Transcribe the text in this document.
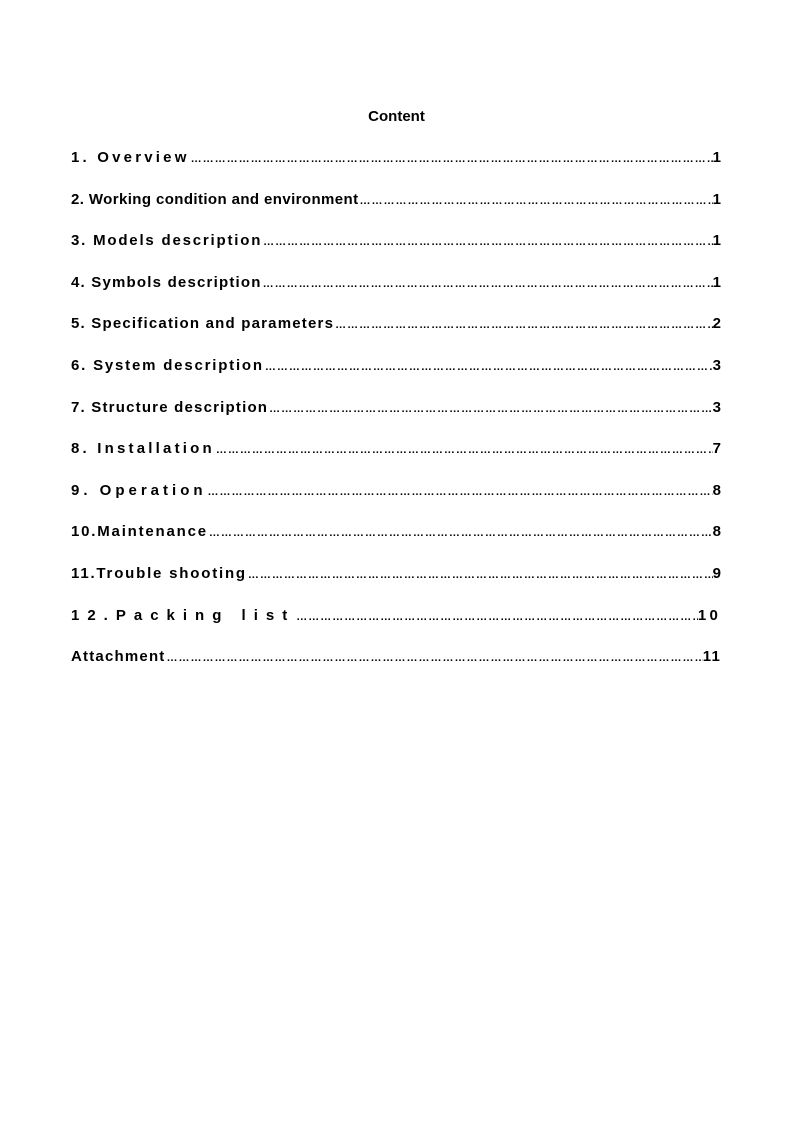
Content
1. Overview …………………………………………………………………………………………………………………………………………………………………………………………………………	1
2. Working condition and environment …………………………………………………………………………………………………………………………………………………………………………………………………………	1
3. Models description …………………………………………………………………………………………………………………………………………………………………………………………………………	1
4. Symbols description …………………………………………………………………………………………………………………………………………………………………………………………………………	1
5. Specification and parameters …………………………………………………………………………………………………………………………………………………………………………………………………………	2
6. System description …………………………………………………………………………………………………………………………………………………………………………………………………………	3
7. Structure description …………………………………………………………………………………………………………………………………………………………………………………………………………	3
8. Installation …………………………………………………………………………………………………………………………………………………………………………………………………………	7
9. Operation …………………………………………………………………………………………………………………………………………………………………………………………………………	8
10.Maintenance …………………………………………………………………………………………………………………………………………………………………………………………………………	8
11.Trouble shooting …………………………………………………………………………………………………………………………………………………………………………………………………………	9
12.Packing list …………………………………………………………………………………………………………………………………………………………………………………………………………	10
Attachment …………………………………………………………………………………………………………………………………………………………………………………………………………	11
